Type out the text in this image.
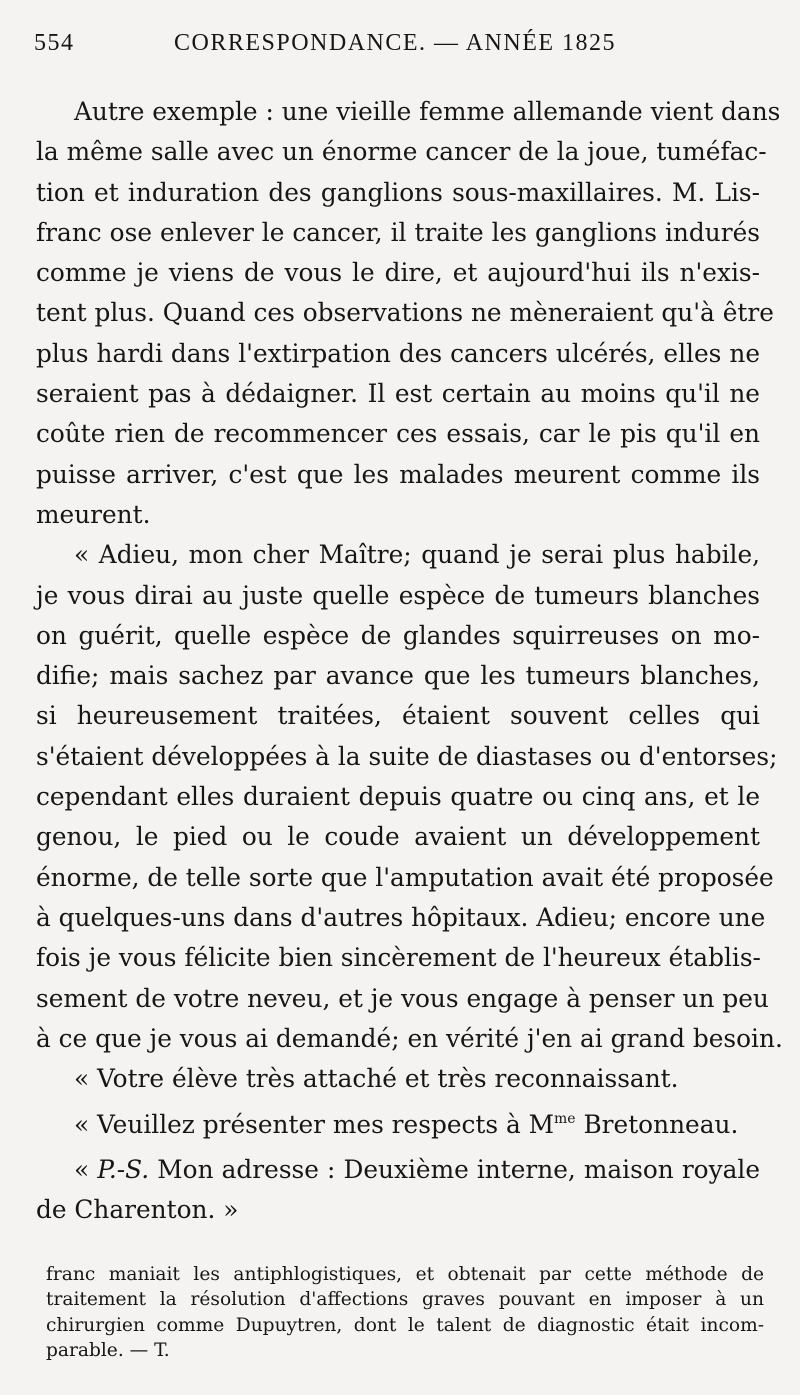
554	CORRESPONDANCE. — ANNÉE 1825
Autre exemple : une vieille femme allemande vient dans
la même salle avec un énorme cancer de la joue, tuméfac-
tion et induration des ganglions sous-maxillaires. M. Lis-
franc ose enlever le cancer, il traite les ganglions indurés
comme je viens de vous le dire, et aujourd'hui ils n'exis-
tent plus. Quand ces observations ne mèneraient qu'à être
plus hardi dans l'extirpation des cancers ulcérés, elles ne
seraient pas à dédaigner. Il est certain au moins qu'il ne
coûte rien de recommencer ces essais, car le pis qu'il en
puisse arriver, c'est que les malades meurent comme ils
meurent.
« Adieu, mon cher Maître; quand je serai plus habile,
je vous dirai au juste quelle espèce de tumeurs blanches
on guérit, quelle espèce de glandes squirreuses on mo-
difie; mais sachez par avance que les tumeurs blanches,
si heureusement traitées, étaient souvent celles qui
s'étaient développées à la suite de diastases ou d'entorses;
cependant elles duraient depuis quatre ou cinq ans, et le
genou, le pied ou le coude avaient un développement
énorme, de telle sorte que l'amputation avait été proposée
à quelques-uns dans d'autres hôpitaux. Adieu; encore une
fois je vous félicite bien sincèrement de l'heureux établis-
sement de votre neveu, et je vous engage à penser un peu
à ce que je vous ai demandé; en vérité j'en ai grand besoin.
« Votre élève très attaché et très reconnaissant.
« Veuillez présenter mes respects à $M^{me}$ Bretonneau.
« P.-S. Mon adresse : Deuxième interne, maison royale
de Charenton. »
franc maniait les antiphlogistiques, et obtenait par cette méthode de
traitement la résolution d'affections graves pouvant en imposer à un
chirurgien comme Dupuytren, dont le talent de diagnostic était incom-
parable. — T.
